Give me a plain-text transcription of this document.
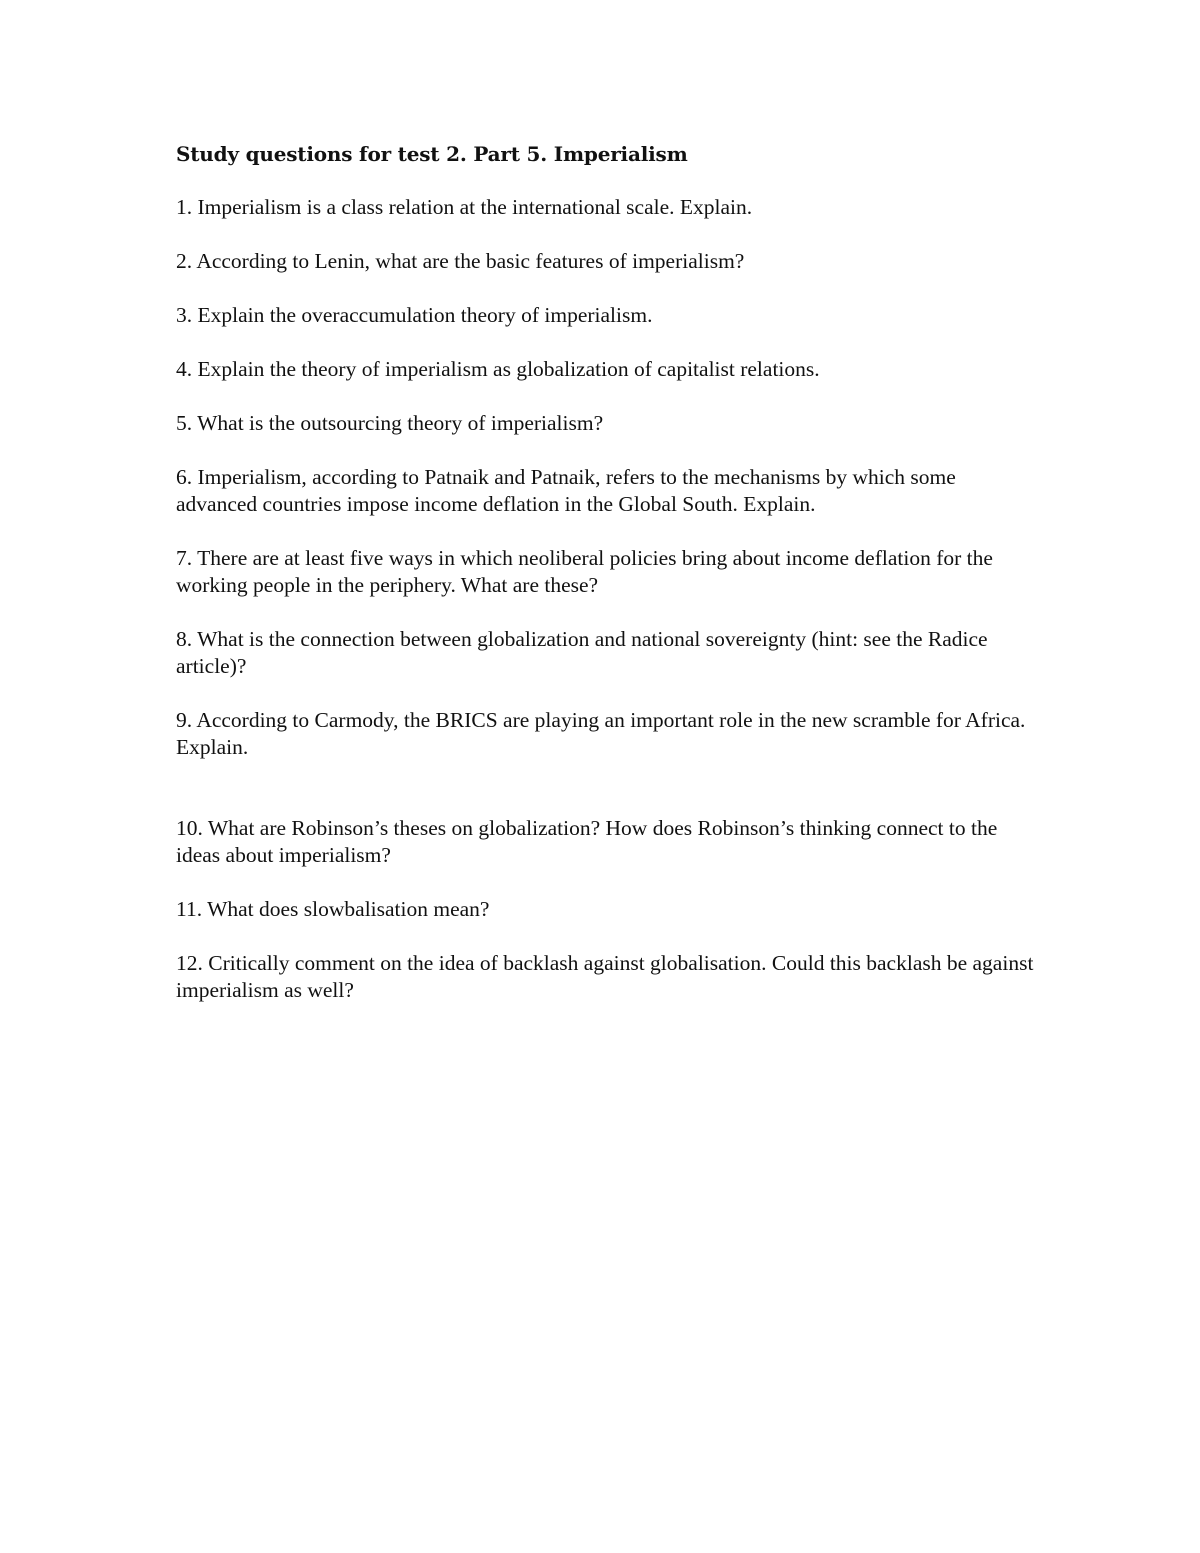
Study questions for test 2. Part 5. Imperialism
1. Imperialism is a class relation at the international scale. Explain.
2. According to Lenin, what are the basic features of imperialism?
3. Explain the overaccumulation theory of imperialism.
4. Explain the theory of imperialism as globalization of capitalist relations.
5. What is the outsourcing theory of imperialism?
6. Imperialism, according to Patnaik and Patnaik, refers to the mechanisms by which some advanced countries impose income deflation in the Global South. Explain.
7. There are at least five ways in which neoliberal policies bring about income deflation for the working people in the periphery. What are these?
8. What is the connection between globalization and national sovereignty (hint: see the Radice article)?
9. According to Carmody, the BRICS are playing an important role in the new scramble for Africa. Explain.
10. What are Robinson’s theses on globalization? How does Robinson’s thinking connect to the ideas about imperialism?
11. What does slowbalisation mean?
12. Critically comment on the idea of backlash against globalisation. Could this backlash be against imperialism as well?
